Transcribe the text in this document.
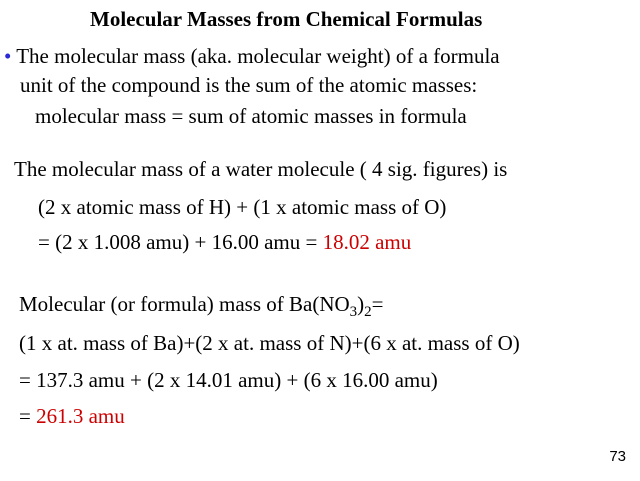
Molecular Masses from Chemical Formulas
• The molecular mass (aka. molecular weight) of a formula
unit of the compound is the sum of the atomic masses:
molecular mass = sum of atomic masses in formula
The molecular mass of a water molecule ( 4 sig. figures) is
(2 x atomic mass of H) + (1 x atomic mass of O)
= (2 x 1.008 amu) + 16.00 amu = 18.02 amu
Molecular (or formula) mass of $Ba(NO_3)_2=$
(1 x at. mass of Ba)+(2 x at. mass of N)+(6 x at. mass of O)
= 137.3 amu + (2 x 14.01 amu) + (6 x 16.00 amu)
= 261.3 amu
73
